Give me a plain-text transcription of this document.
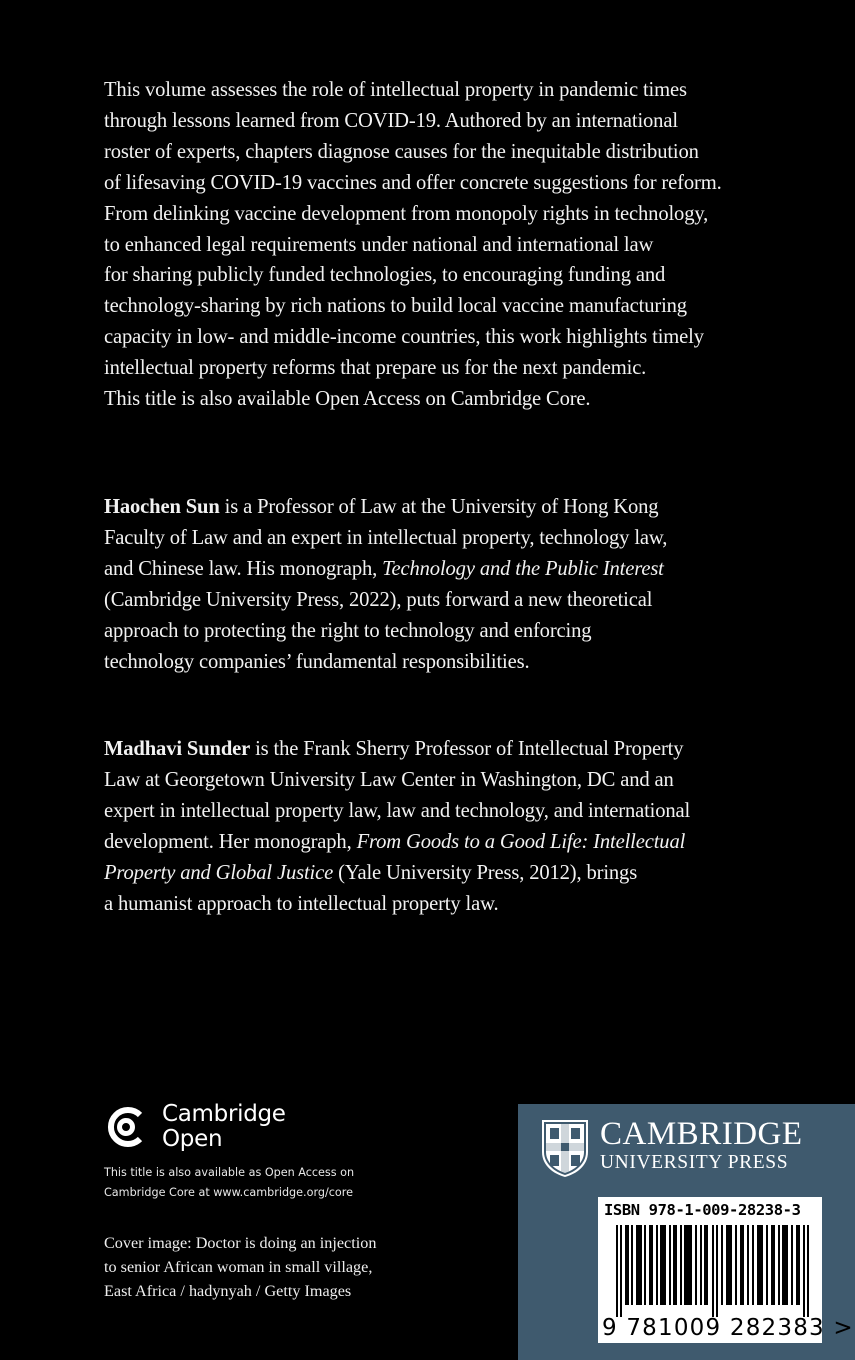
This volume assesses the role of intellectual property in pandemic times
through lessons learned from COVID-19. Authored by an international
roster of experts, chapters diagnose causes for the inequitable distribution
of lifesaving COVID-19 vaccines and offer concrete suggestions for reform.
From delinking vaccine development from monopoly rights in technology,
to enhanced legal requirements under national and international law
for sharing publicly funded technologies, to encouraging funding and
technology-sharing by rich nations to build local vaccine manufacturing
capacity in low- and middle-income countries, this work highlights timely
intellectual property reforms that prepare us for the next pandemic.
This title is also available Open Access on Cambridge Core.
Haochen Sun is a Professor of Law at the University of Hong Kong
Faculty of Law and an expert in intellectual property, technology law,
and Chinese law. His monograph, Technology and the Public Interest
(Cambridge University Press, 2022), puts forward a new theoretical
approach to protecting the right to technology and enforcing
technology companies’ fundamental responsibilities.
Madhavi Sunder is the Frank Sherry Professor of Intellectual Property
Law at Georgetown University Law Center in Washington, DC and an
expert in intellectual property law, law and technology, and international
development. Her monograph, From Goods to a Good Life: Intellectual
Property and Global Justice (Yale University Press, 2012), brings
a humanist approach to intellectual property law.
Cambridge
Open
This title is also available as Open Access on
Cambridge Core at www.cambridge.org/core
Cover image: Doctor is doing an injection
to senior African woman in small village,
East Africa / hadynyah / Getty Images
CAMBRIDGE
UNIVERSITY PRESS
ISBN 978-1-009-28238-3
9 781009 282383 >
